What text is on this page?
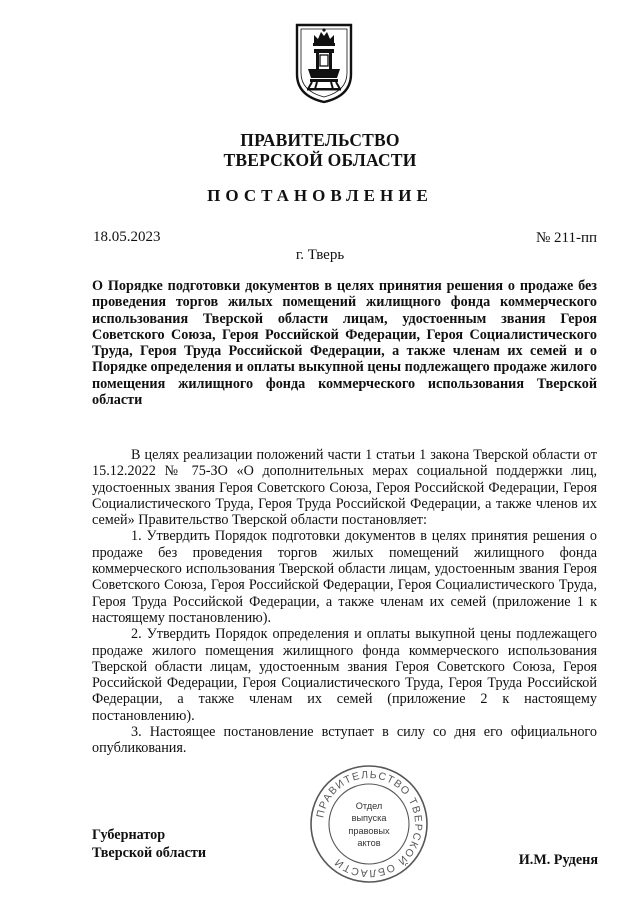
ПРАВИТЕЛЬСТВО
ТВЕРСКОЙ ОБЛАСТИ
ПОСТАНОВЛЕНИЕ
18.05.2023	№ 211-пп
г. Тверь
О Порядке подготовки документов в целях принятия решения о продаже без проведения торгов жилых помещений жилищного фонда коммерческого использования Тверской области лицам, удостоенным звания Героя Советского Союза, Героя Российской Федерации, Героя Социалистического Труда, Героя Труда Российской Федерации, а также членам их семей и о Порядке определения и оплаты выкупной цены подлежащего продаже жилого помещения жилищного фонда коммерческого использования Тверской области

В целях реализации положений части 1 статьи 1 закона Тверской области от 15.12.2022 № 75-ЗО «О дополнительных мерах социальной поддержки лиц, удостоенных звания Героя Советского Союза, Героя Российской Федерации, Героя Социалистического Труда, Героя Труда Российской Федерации, а также членов их семей» Правительство Тверской области постановляет:

1. Утвердить Порядок подготовки документов в целях принятия решения о продаже без проведения торгов жилых помещений жилищного фонда коммерческого использования Тверской области лицам, удостоенным звания Героя Советского Союза, Героя Российской Федерации, Героя Социалистического Труда, Героя Труда Российской Федерации, а также членам их семей (приложение 1 к настоящему постановлению).

2. Утвердить Порядок определения и оплаты выкупной цены подлежащего продаже жилого помещения жилищного фонда коммерческого использования Тверской области лицам, удостоенным звания Героя Советского Союза, Героя Российской Федерации, Героя Социалистического Труда, Героя Труда Российской Федерации, а также членам их семей (приложение 2 к настоящему постановлению).

3. Настоящее постановление вступает в силу со дня его официального опубликования.

Губернатор
Тверской области	И.М. Руденя
ПРАВИТЕЛЬСТВО ТВЕРСКОЙ ОБЛАСТИ
Отдел
выпуска
правовых
актов
